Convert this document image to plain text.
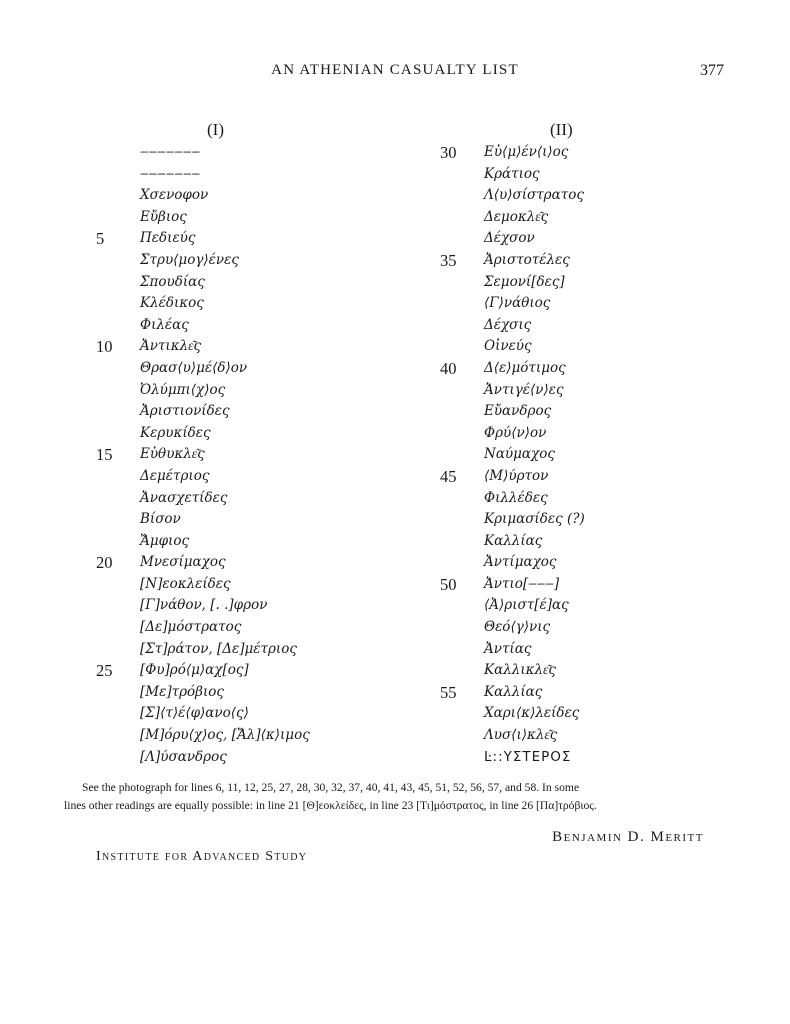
AN ATHENIAN CASUALTY LIST	377
(I)
‒‒‒‒‒‒‒
‒‒‒‒‒‒‒
Χσενοφον
Εὔβιος
5	Πεδιεύς
Στρυ⟨μογ⟩ένες
Σπουδίας
Κλέδικος
Φιλέας
10	Ἀντικλε͂ς
Θρασ⟨υ⟩μέ⟨δ⟩ον
Ὀλύμπι⟨χ⟩ος
Ἀριστιονίδες
Κερυκίδες
15	Εὐθυκλε͂ς
Δεμέτριος
Ἀνασχετίδες
Βίσον
Ἄμφιος
20	Μνεσίμαχος
[Ν]εοκλείδες
[Γ]νάθον, [. .]φρον
[Δε]μόστρατος
[Στ]ράτον, [Δε]μέτριος
25	[Φυ]ρό⟨μ⟩αχ[ος]
[Με]τρόβιος
[Σ]⟨τ⟩έ⟨φ⟩ανο⟨ς⟩
[Μ]όρυ⟨χ⟩ος, [Ἄλ]⟨κ⟩ιμος
[Λ]ύσανδρος
(II)
30	Εὐ⟨μ⟩έν⟨ι⟩ος
Κράτιος
Λ⟨υ⟩σίστρατος
Δεμοκλε͂ς
Δέχσον
35	Ἀριστοτέλες
Σεμονί[δες]
⟨Γ⟩νάθιος
Δέχσις
Οἰνεύς
40	Δ⟨ε⟩μότιμος
Ἀντιγέ⟨ν⟩ες
Εὔανδρος
Φρύ⟨ν⟩ον
Ναύμαχος
45	⟨Μ⟩ύρτον
Φιλλέδες
Κριμασίδες (?)
Καλλίας
Ἀντίμαχος
50	Ἀντιο[‒‒‒]
⟨Ἀ⟩ριστ[έ]ας
Θεό⟨γ⟩νις
Ἀντίας
Καλλικλε͂ς
55	Καλλίας
Χαρι⟨κ⟩λείδες
Λυσ⟨ι⟩κλε͂ς
Ŀ::ΥΣΤΕΡΟΣ

See the photograph for lines 6, 11, 12, 25, 27, 28, 30, 32, 37, 40, 41, 43, 45, 51, 52, 56, 57, and 58. In some

lines other readings are equally possible: in line 21 [Θ]εοκλείδες, in line 23 [Τι]μόστρατος, in line 26 [Πα]τρόβιος.

Benjamin D. Meritt
Institute for Advanced Study
